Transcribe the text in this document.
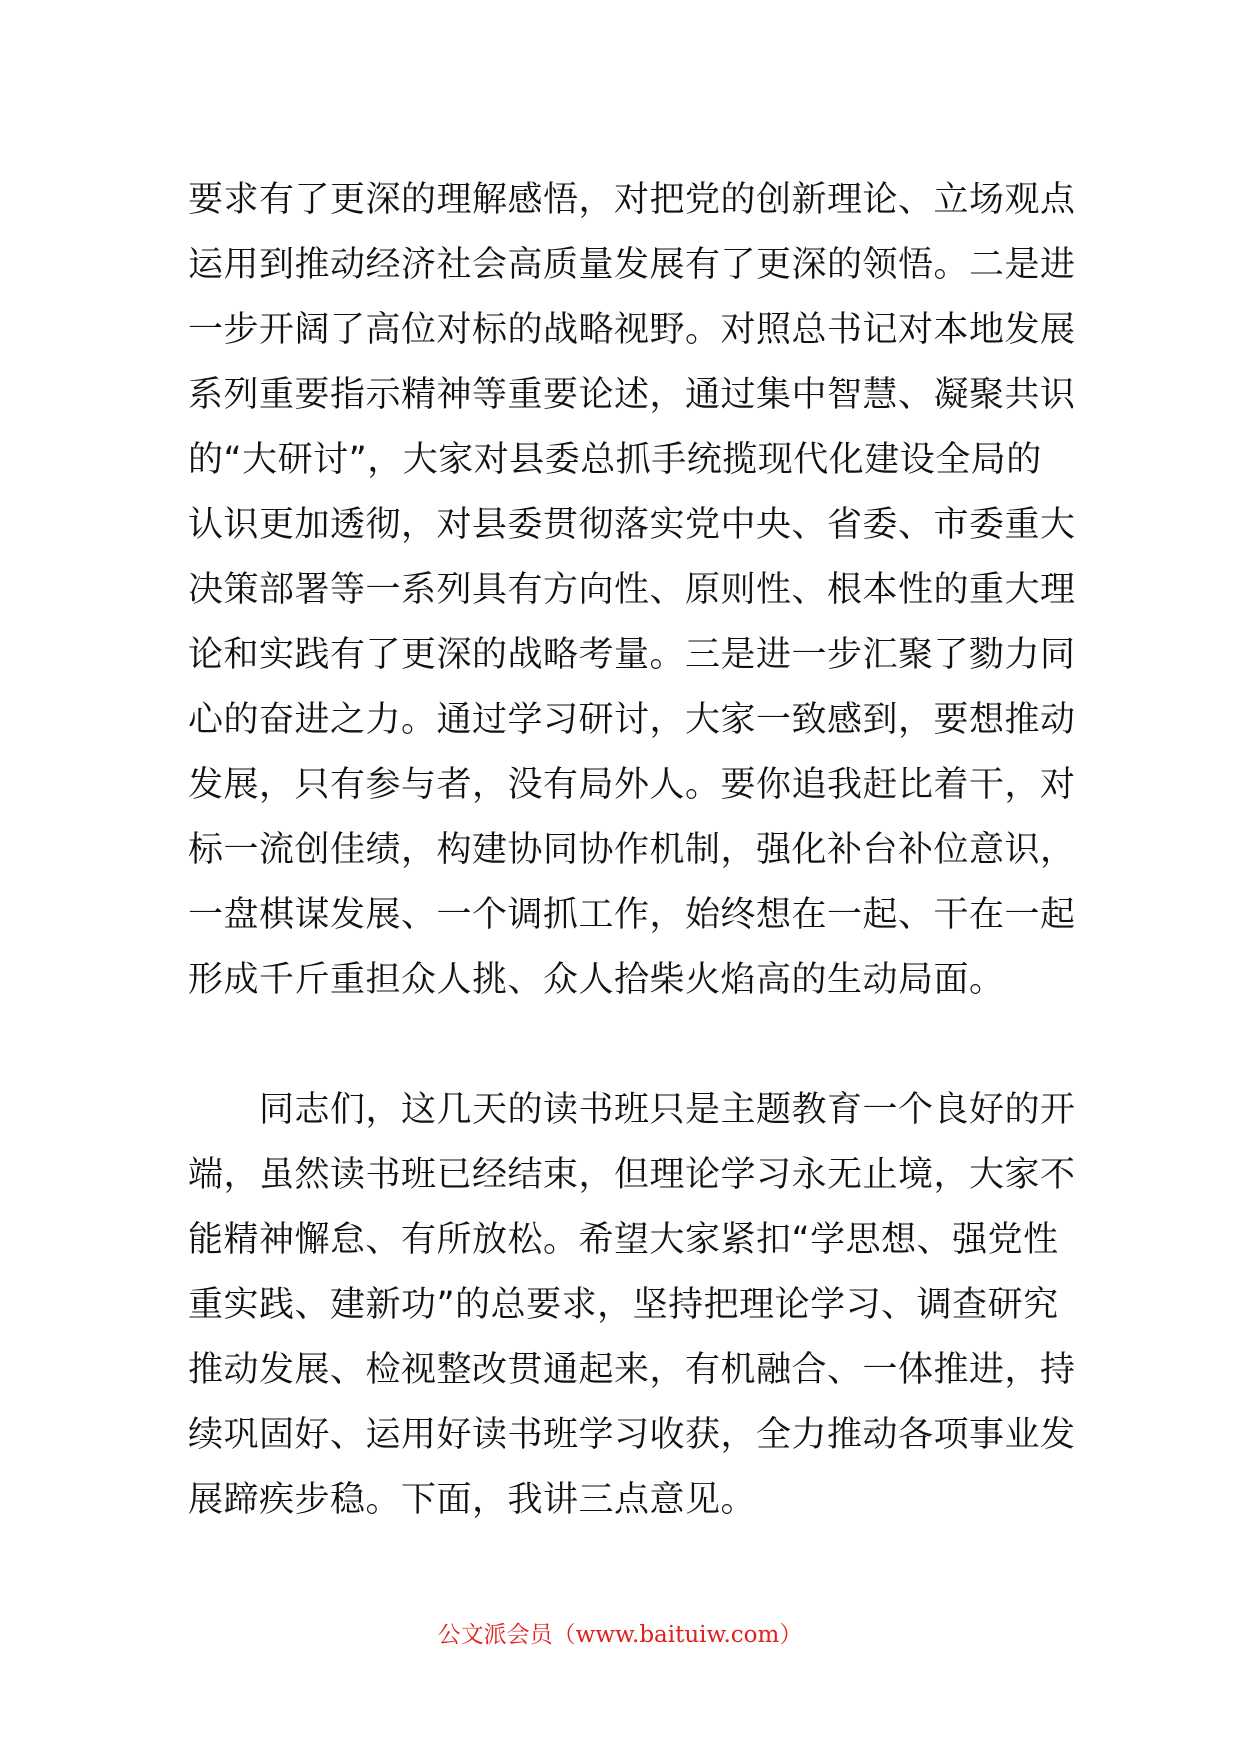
要求有了更深的理解感悟，对把党的创新理论、立场观点
运用到推动经济社会高质量发展有了更深的领悟。二是进
一步开阔了高位对标的战略视野。对照总书记对本地发展
系列重要指示精神等重要论述，通过集中智慧、凝聚共识
的“大研讨”，大家对县委总抓手统揽现代化建设全局的
认识更加透彻，对县委贯彻落实党中央、省委、市委重大
决策部署等一系列具有方向性、原则性、根本性的重大理
论和实践有了更深的战略考量。三是进一步汇聚了勠力同
心的奋进之力。通过学习研讨，大家一致感到，要想推动
发展，只有参与者，没有局外人。要你追我赶比着干，对
标一流创佳绩，构建协同协作机制，强化补台补位意识，
一盘棋谋发展、一个调抓工作，始终想在一起、干在一起
形成千斤重担众人挑、众人拾柴火焰高的生动局面。
　　同志们，这几天的读书班只是主题教育一个良好的开
端，虽然读书班已经结束，但理论学习永无止境，大家不
能精神懈怠、有所放松。希望大家紧扣“学思想、强党性
重实践、建新功”的总要求，坚持把理论学习、调查研究
推动发展、检视整改贯通起来，有机融合、一体推进，持
续巩固好、运用好读书班学习收获，全力推动各项事业发
展蹄疾步稳。下面，我讲三点意见。
公文派会员（www.baituiw.com）
